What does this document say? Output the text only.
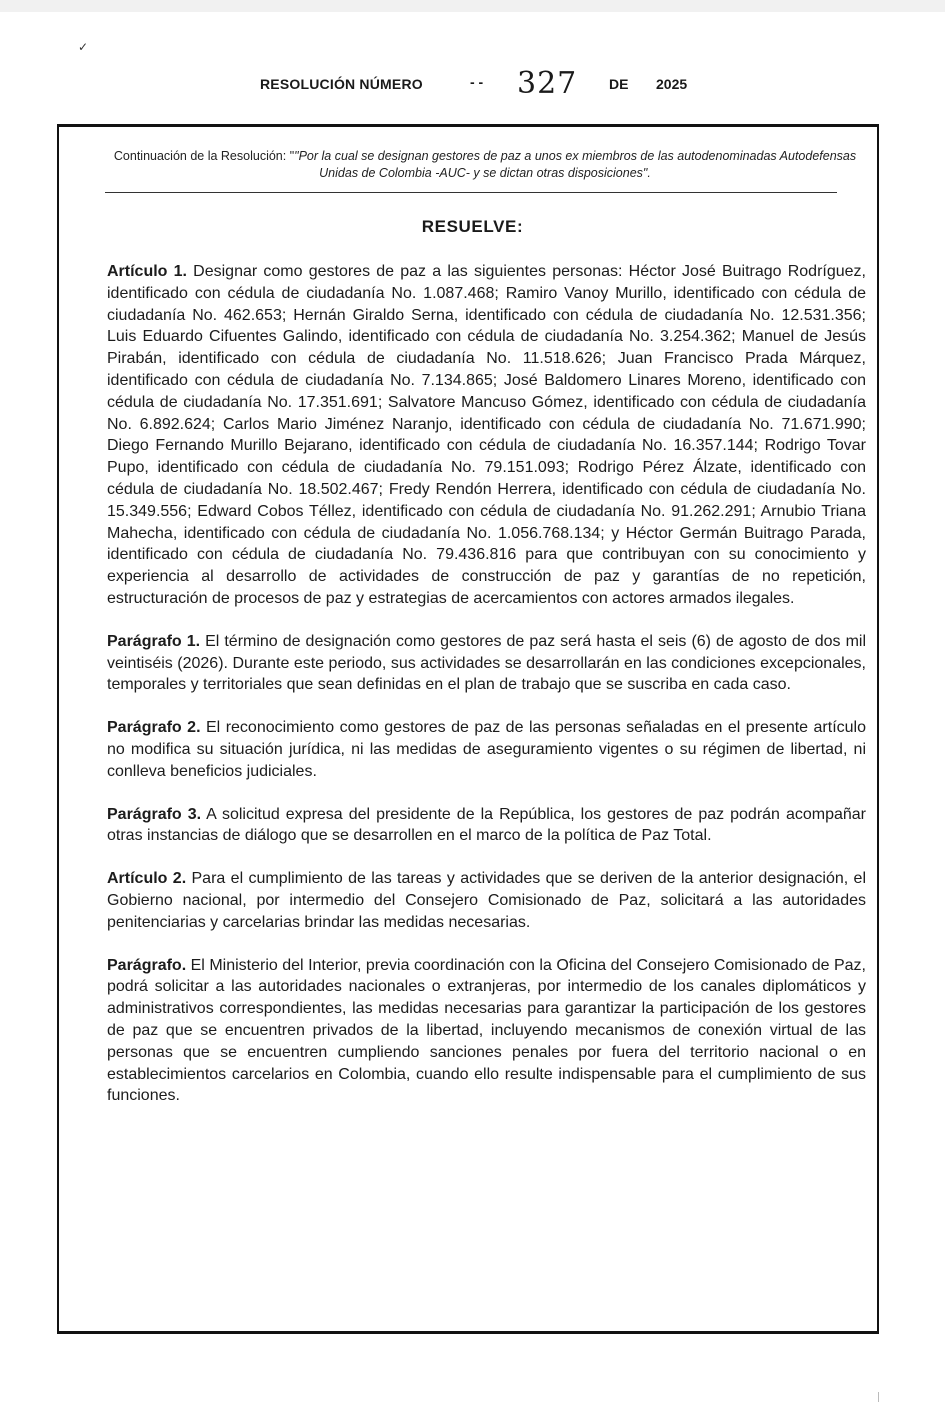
✓
RESOLUCIÓN NÚMERO	- - 327 DE 2025
Continuación de la Resolución: ""Por la cual se designan gestores de paz a unos ex miembros de las autodenominadas Autodefensas Unidas de Colombia -AUC- y se dictan otras disposiciones".
RESUELVE:

Artículo 1. Designar como gestores de paz a las siguientes personas: Héctor José Buitrago Rodríguez, identificado con cédula de ciudadanía No. 1.087.468; Ramiro Vanoy Murillo, identificado con cédula de ciudadanía No. 462.653; Hernán Giraldo Serna, identificado con cédula de ciudadanía No. 12.531.356; Luis Eduardo Cifuentes Galindo, identificado con cédula de ciudadanía No. 3.254.362; Manuel de Jesús Pirabán, identificado con cédula de ciudadanía No. 11.518.626; Juan Francisco Prada Márquez, identificado con cédula de ciudadanía No. 7.134.865; José Baldomero Linares Moreno, identificado con cédula de ciudadanía No. 17.351.691; Salvatore Mancuso Gómez, identificado con cédula de ciudadanía No. 6.892.624; Carlos Mario Jiménez Naranjo, identificado con cédula de ciudadanía No. 71.671.990; Diego Fernando Murillo Bejarano, identificado con cédula de ciudadanía No. 16.357.144; Rodrigo Tovar Pupo, identificado con cédula de ciudadanía No. 79.151.093; Rodrigo Pérez Álzate, identificado con cédula de ciudadanía No. 18.502.467; Fredy Rendón Herrera, identificado con cédula de ciudadanía No. 15.349.556; Edward Cobos Téllez, identificado con cédula de ciudadanía No. 91.262.291; Arnubio Triana Mahecha, identificado con cédula de ciudadanía No. 1.056.768.134; y Héctor Germán Buitrago Parada, identificado con cédula de ciudadanía No. 79.436.816 para que contribuyan con su conocimiento y experiencia al desarrollo de actividades de construcción de paz y garantías de no repetición, estructuración de procesos de paz y estrategias de acercamientos con actores armados ilegales.

Parágrafo 1. El término de designación como gestores de paz será hasta el seis (6) de agosto de dos mil veintiséis (2026). Durante este periodo, sus actividades se desarrollarán en las condiciones excepcionales, temporales y territoriales que sean definidas en el plan de trabajo que se suscriba en cada caso.

Parágrafo 2. El reconocimiento como gestores de paz de las personas señaladas en el presente artículo no modifica su situación jurídica, ni las medidas de aseguramiento vigentes o su régimen de libertad, ni conlleva beneficios judiciales.

Parágrafo 3. A solicitud expresa del presidente de la República, los gestores de paz podrán acompañar otras instancias de diálogo que se desarrollen en el marco de la política de Paz Total.

Artículo 2. Para el cumplimiento de las tareas y actividades que se deriven de la anterior designación, el Gobierno nacional, por intermedio del Consejero Comisionado de Paz, solicitará a las autoridades penitenciarias y carcelarias brindar las medidas necesarias.

Parágrafo. El Ministerio del Interior, previa coordinación con la Oficina del Consejero Comisionado de Paz, podrá solicitar a las autoridades nacionales o extranjeras, por intermedio de los canales diplomáticos y administrativos correspondientes, las medidas necesarias para garantizar la participación de los gestores de paz que se encuentren privados de la libertad, incluyendo mecanismos de conexión virtual de las personas que se encuentren cumpliendo sanciones penales por fuera del territorio nacional o en establecimientos carcelarios en Colombia, cuando ello resulte indispensable para el cumplimiento de sus funciones.
